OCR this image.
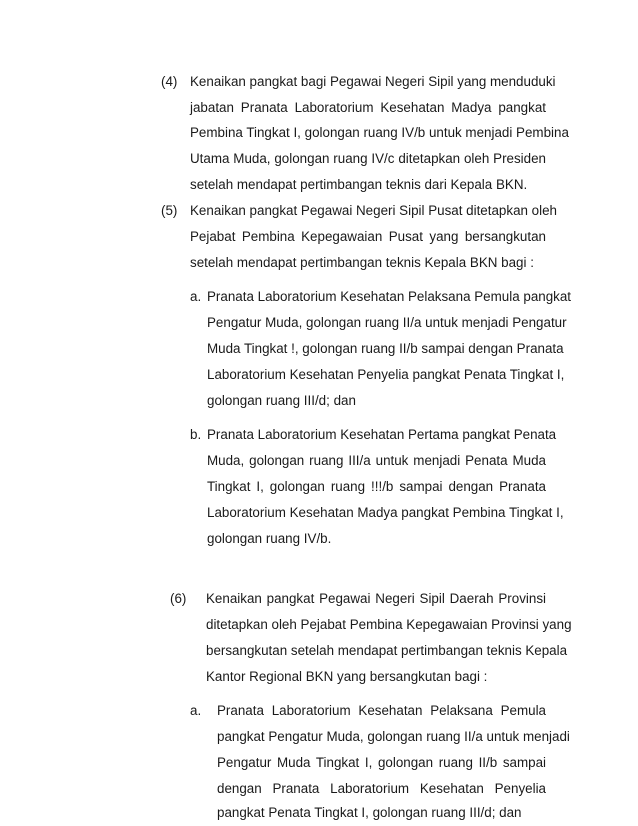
(4) Kenaikan pangkat bagi Pegawai Negeri Sipil yang menduduki

jabatan Pranata Laboratorium Kesehatan Madya pangkat

Pembina Tingkat I, golongan ruang IV/b untuk menjadi Pembina

Utama Muda, golongan ruang IV/c ditetapkan oleh Presiden

setelah mendapat pertimbangan teknis dari Kepala BKN.

(5) Kenaikan pangkat Pegawai Negeri Sipil Pusat ditetapkan oleh

Pejabat Pembina Kepegawaian Pusat yang bersangkutan

setelah mendapat pertimbangan teknis Kepala BKN bagi :

a. Pranata Laboratorium Kesehatan Pelaksana Pemula pangkat

Pengatur Muda, golongan ruang II/a untuk menjadi Pengatur

Muda Tingkat !, golongan ruang II/b sampai dengan Pranata

Laboratorium Kesehatan Penyelia pangkat Penata Tingkat I,

golongan ruang III/d; dan

b. Pranata Laboratorium Kesehatan Pertama pangkat Penata

Muda, golongan ruang III/a untuk menjadi Penata Muda

Tingkat I, golongan ruang !!!/b sampai dengan Pranata

Laboratorium Kesehatan Madya pangkat Pembina Tingkat I,

golongan ruang IV/b.

(6) Kenaikan pangkat Pegawai Negeri Sipil Daerah Provinsi

ditetapkan oleh Pejabat Pembina Kepegawaian Provinsi yang

bersangkutan setelah mendapat pertimbangan teknis Kepala

Kantor Regional BKN yang bersangkutan bagi :

a. Pranata Laboratorium Kesehatan Pelaksana Pemula

pangkat Pengatur Muda, golongan ruang II/a untuk menjadi

Pengatur Muda Tingkat I, golongan ruang II/b sampai

dengan Pranata Laboratorium Kesehatan Penyelia

pangkat Penata Tingkat I, golongan ruang III/d; dan
